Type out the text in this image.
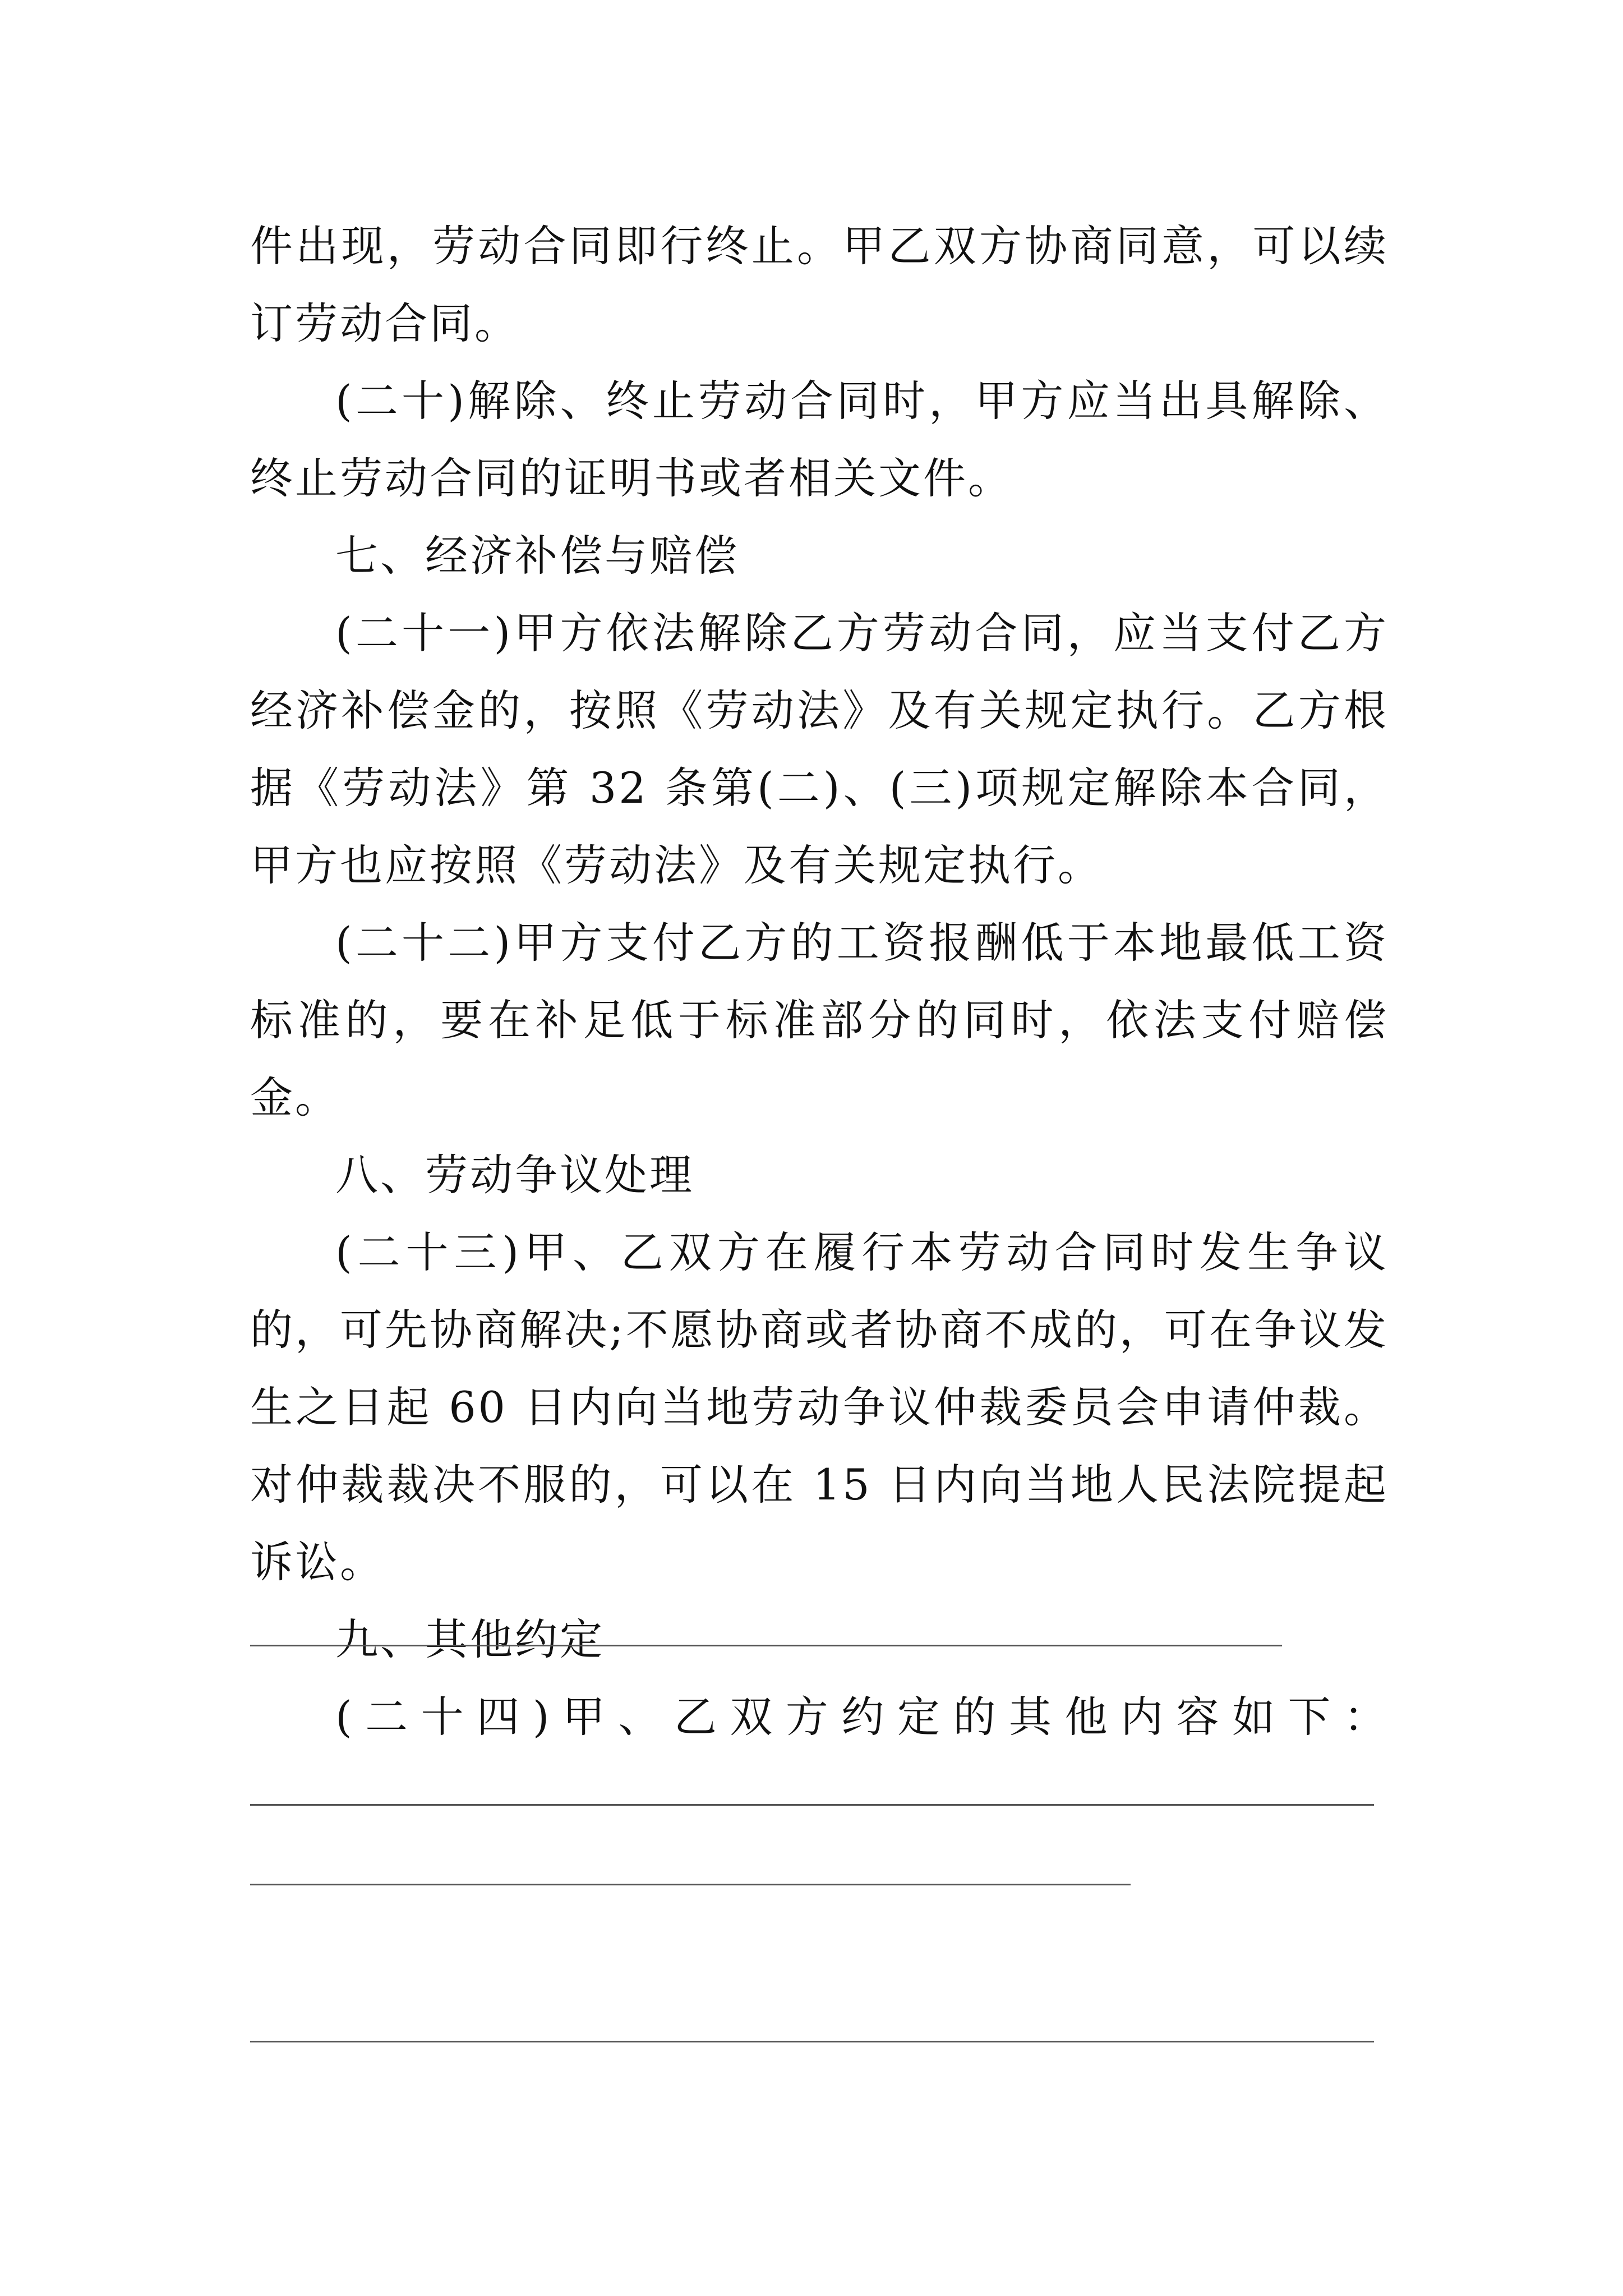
件出现，劳动合同即行终止。甲乙双方协商同意，可以续订劳动合同。

(二十)解除、终止劳动合同时，甲方应当出具解除、终止劳动合同的证明书或者相关文件。

七、经济补偿与赔偿

(二十一)甲方依法解除乙方劳动合同，应当支付乙方经济补偿金的，按照《劳动法》及有关规定执行。乙方根据《劳动法》第 32 条第(二)、(三)项规定解除本合同，甲方也应按照《劳动法》及有关规定执行。

(二十二)甲方支付乙方的工资报酬低于本地最低工资标准的，要在补足低于标准部分的同时，依法支付赔偿金。

八、劳动争议处理

(二十三)甲、乙双方在履行本劳动合同时发生争议的，可先协商解决;不愿协商或者协商不成的，可在争议发生之日起 60 日内向当地劳动争议仲裁委员会申请仲裁。对仲裁裁决不服的，可以在 15 日内向当地人民法院提起诉讼。

九、其他约定

(二十四)甲、乙双方约定的其他内容如下：
